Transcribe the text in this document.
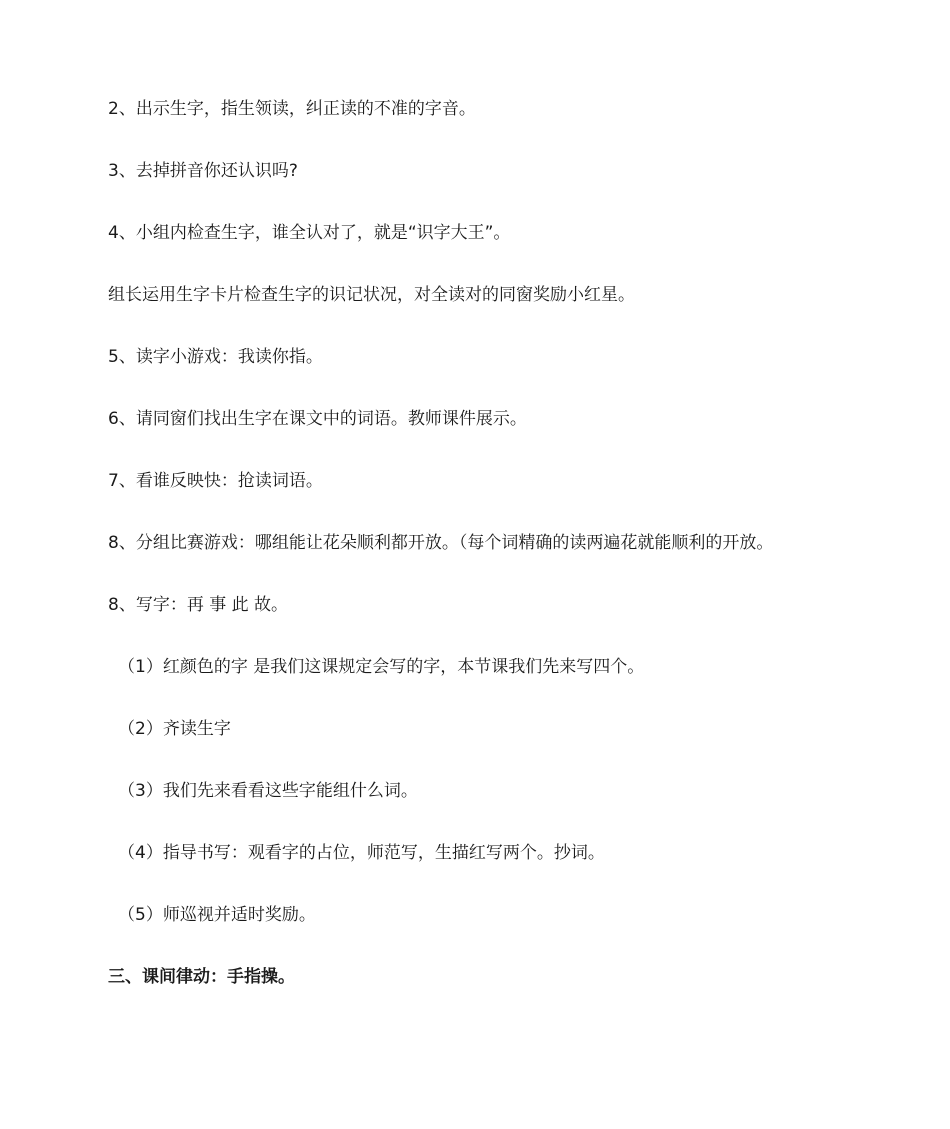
2、出示生字，指生领读，纠正读的不准的字音。

3、去掉拼音你还认识吗?

4、小组内检查生字，谁全认对了，就是“识字大王”。

组长运用生字卡片检查生字的识记状况，对全读对的同窗奖励小红星。

5、读字小游戏：我读你指。

6、请同窗们找出生字在课文中的词语。教师课件展示。

7、看谁反映快：抢读词语。

8、分组比赛游戏：哪组能让花朵顺利都开放。（每个词精确的读两遍花就能顺利的开放。

8、写字：再 事 此 故。

（1）红颜色的字 是我们这课规定会写的字，本节课我们先来写四个。

（2）齐读生字

（3）我们先来看看这些字能组什么词。

（4）指导书写：观看字的占位，师范写，生描红写两个。抄词。

（5）师巡视并适时奖励。

三、课间律动：手指操。
